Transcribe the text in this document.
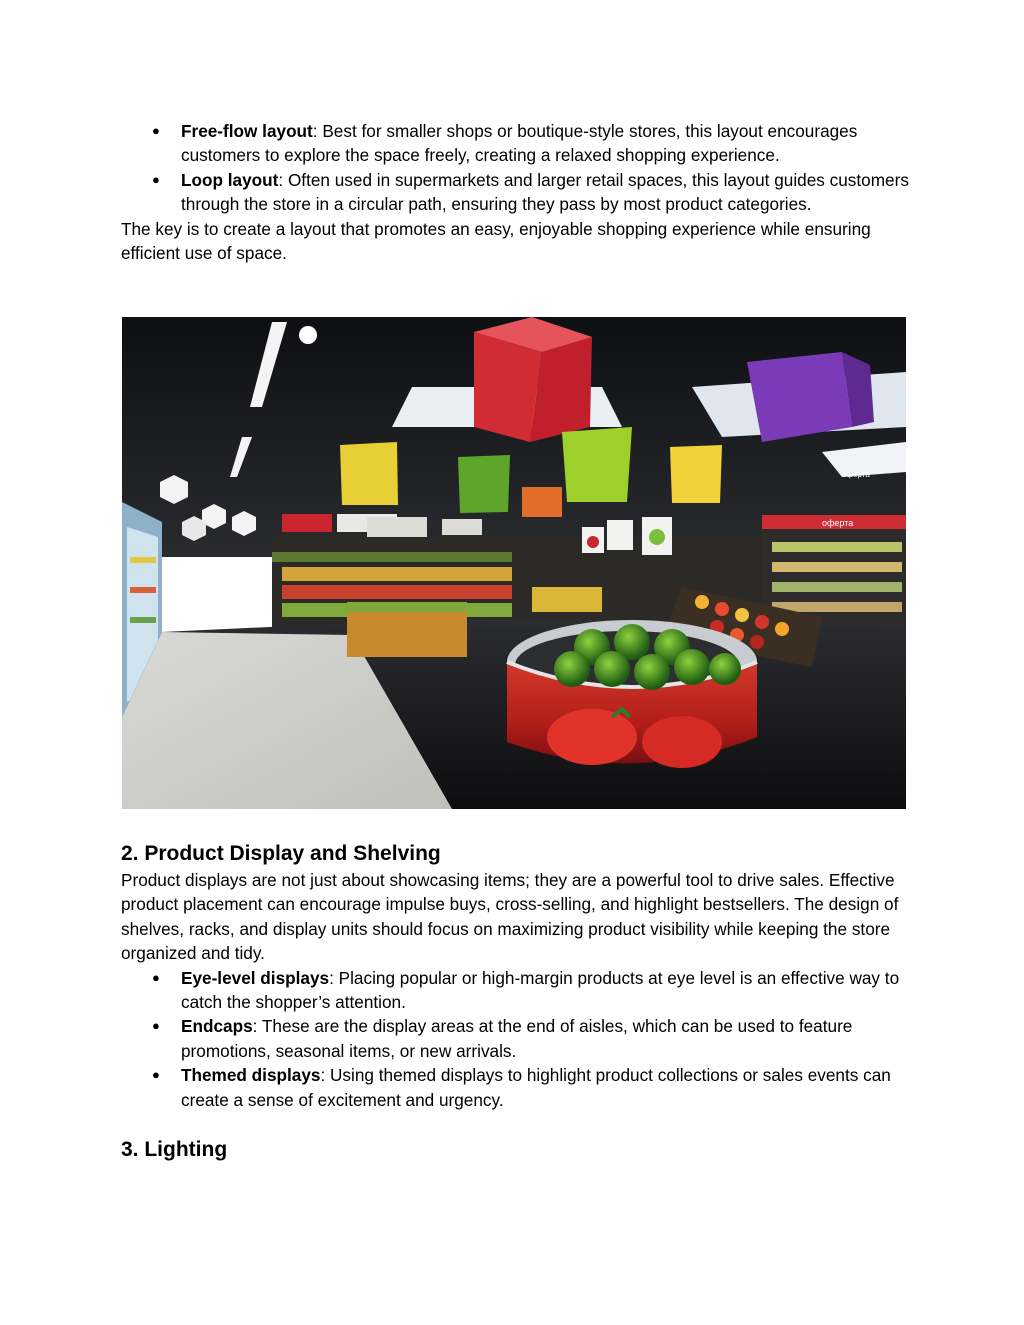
● Free-flow layout: Best for smaller shops or boutique-style stores, this layout encourages customers to explore the space freely, creating a relaxed shopping experience.
● Loop layout: Often used in supermarkets and larger retail spaces, this layout guides customers through the store in a circular path, ensuring they pass by most product categories.
The key is to create a layout that promotes an easy, enjoyable shopping experience while ensuring efficient use of space.
оферта
оферта
2. Product Display and Shelving
Product displays are not just about showcasing items; they are a powerful tool to drive sales. Effective product placement can encourage impulse buys, cross-selling, and highlight bestsellers. The design of shelves, racks, and display units should focus on maximizing product visibility while keeping the store organized and tidy.
● Eye-level displays: Placing popular or high-margin products at eye level is an effective way to catch the shopper’s attention.
● Endcaps: These are the display areas at the end of aisles, which can be used to feature promotions, seasonal items, or new arrivals.
● Themed displays: Using themed displays to highlight product collections or sales events can create a sense of excitement and urgency.
3. Lighting
